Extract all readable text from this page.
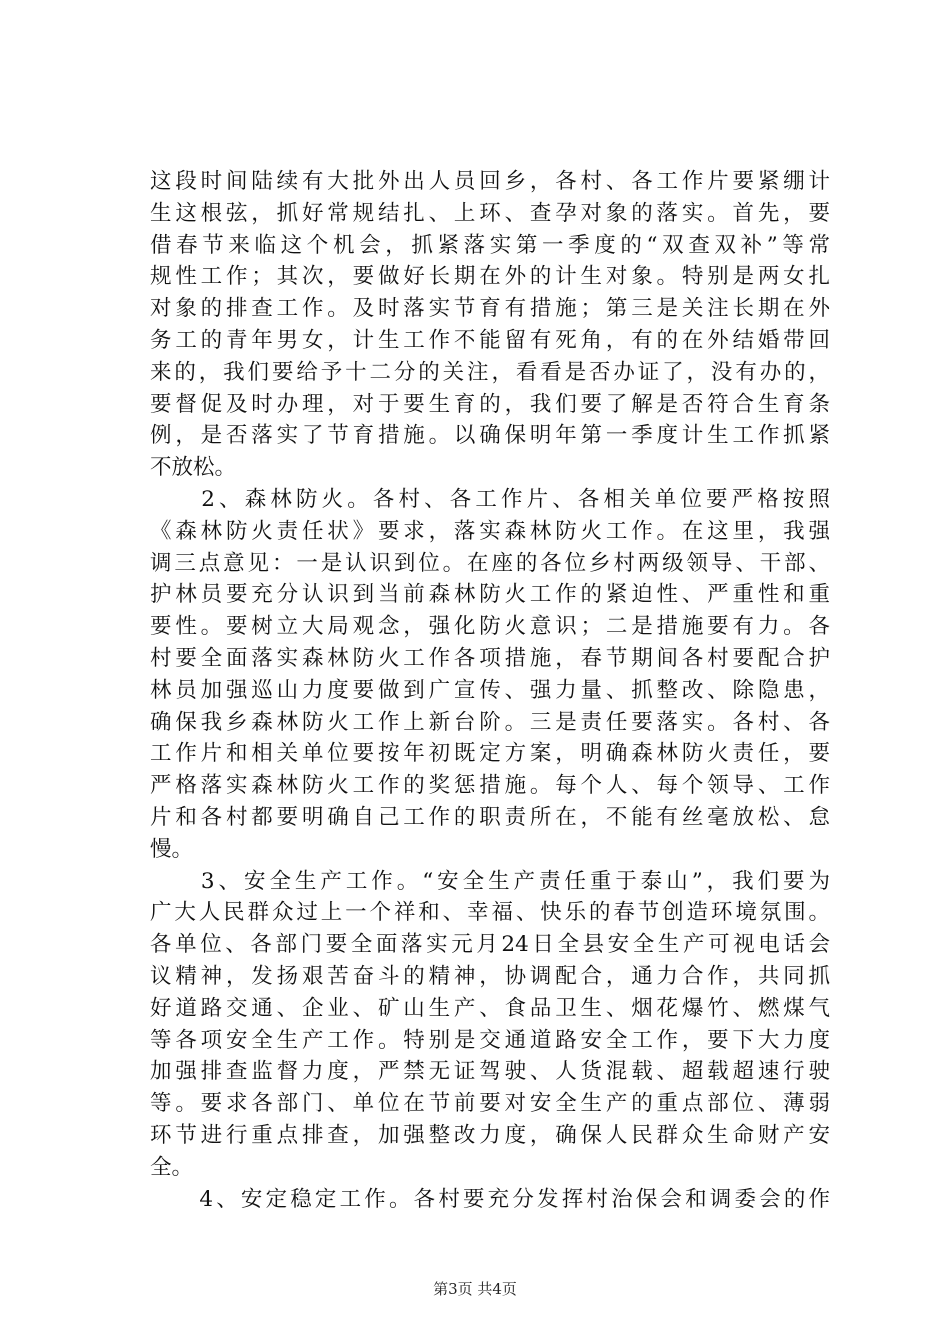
这段时间陆续有大批外出人员回乡，各村、各工作片要紧绷计
生这根弦，抓好常规结扎、上环、查孕对象的落实。首先，要
借春节来临这个机会，抓紧落实第一季度的“双查双补”等常
规性工作；其次，要做好长期在外的计生对象。特别是两女扎
对象的排查工作。及时落实节育有措施；第三是关注长期在外
务工的青年男女，计生工作不能留有死角，有的在外结婚带回
来的，我们要给予十二分的关注，看看是否办证了，没有办的，
要督促及时办理，对于要生育的，我们要了解是否符合生育条
例，是否落实了节育措施。以确保明年第一季度计生工作抓紧
不放松。
　　2、森林防火。各村、各工作片、各相关单位要严格按照
《森林防火责任状》要求，落实森林防火工作。在这里，我强
调三点意见：一是认识到位。在座的各位乡村两级领导、干部、
护林员要充分认识到当前森林防火工作的紧迫性、严重性和重
要性。要树立大局观念，强化防火意识；二是措施要有力。各
村要全面落实森林防火工作各项措施，春节期间各村要配合护
林员加强巡山力度要做到广宣传、强力量、抓整改、除隐患，
确保我乡森林防火工作上新台阶。三是责任要落实。各村、各
工作片和相关单位要按年初既定方案，明确森林防火责任，要
严格落实森林防火工作的奖惩措施。每个人、每个领导、工作
片和各村都要明确自己工作的职责所在，不能有丝毫放松、怠
慢。
　　3、安全生产工作。“安全生产责任重于泰山”，我们要为
广大人民群众过上一个祥和、幸福、快乐的春节创造环境氛围。
各单位、各部门要全面落实元月24日全县安全生产可视电话会
议精神，发扬艰苦奋斗的精神，协调配合，通力合作，共同抓
好道路交通、企业、矿山生产、食品卫生、烟花爆竹、燃煤气
等各项安全生产工作。特别是交通道路安全工作，要下大力度
加强排查监督力度，严禁无证驾驶、人货混载、超载超速行驶
等。要求各部门、单位在节前要对安全生产的重点部位、薄弱
环节进行重点排查，加强整改力度，确保人民群众生命财产安
全。
　　4、安定稳定工作。各村要充分发挥村治保会和调委会的作
第3页 共4页
